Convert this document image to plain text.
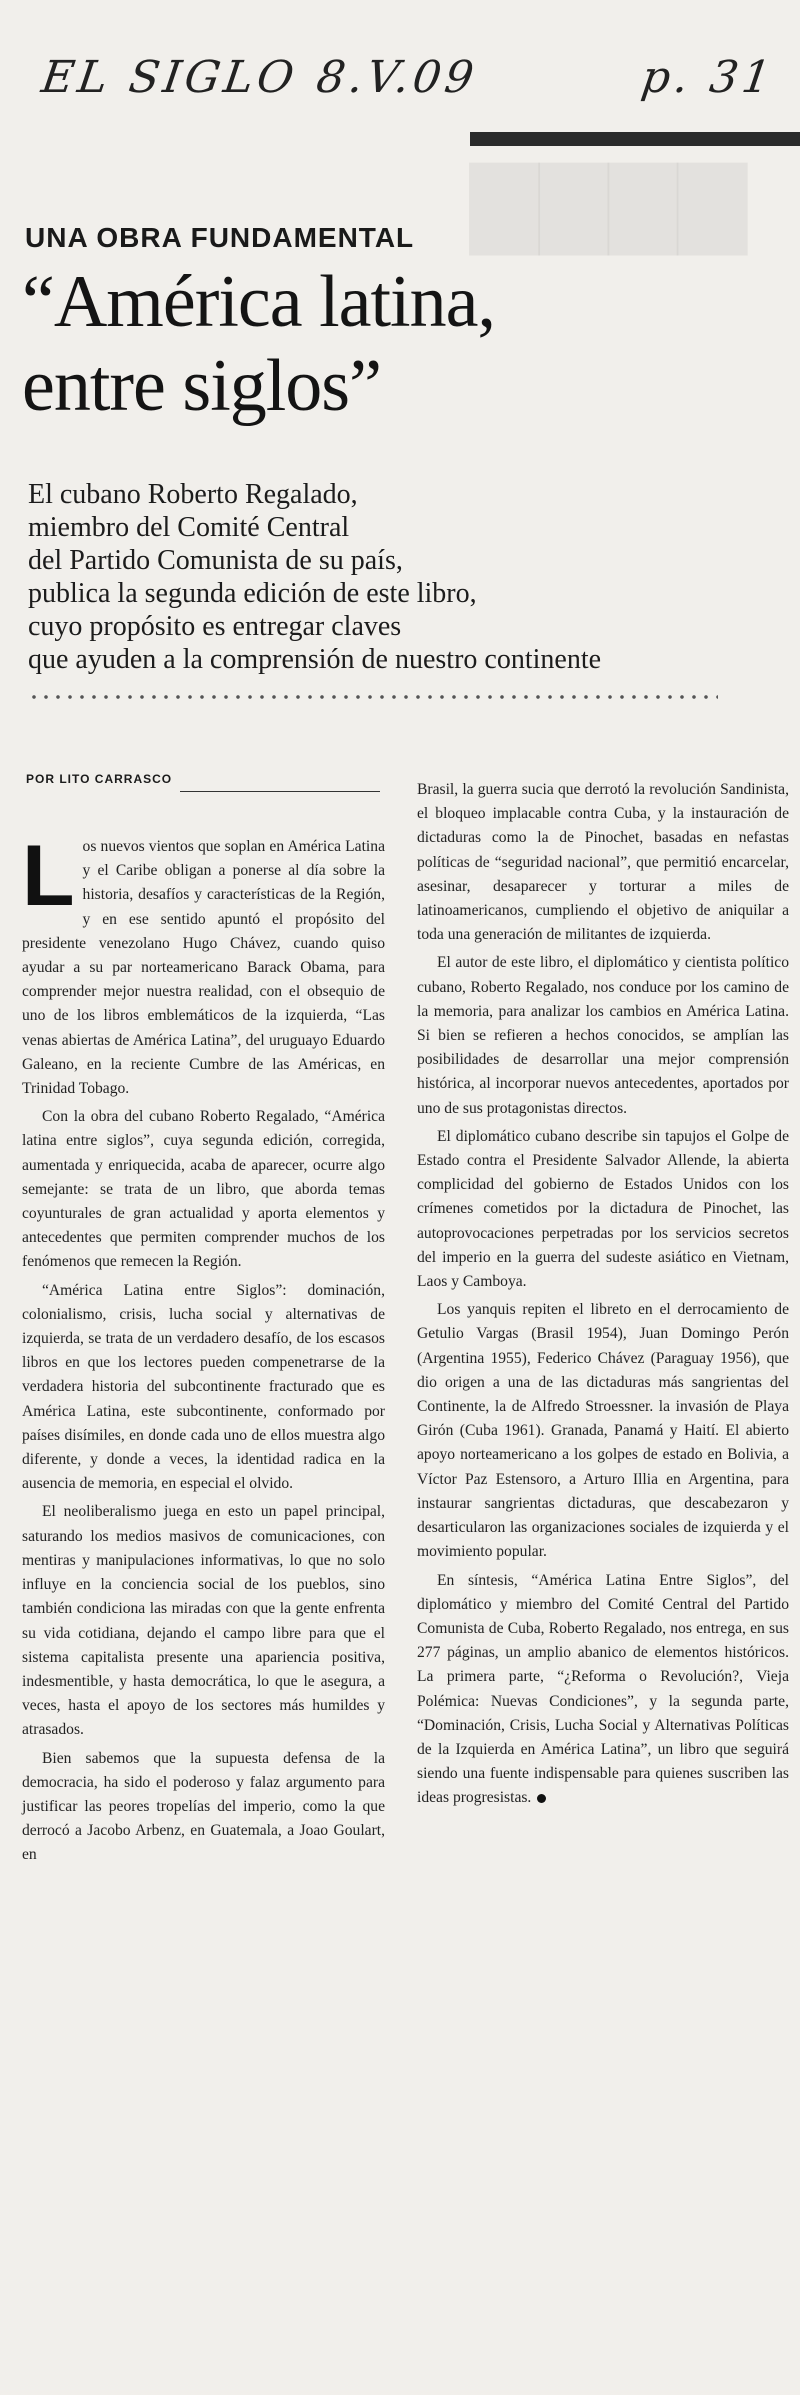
▇▇▇▇
EL SIGLO 8.V.09	p. 31
UNA OBRA FUNDAMENTAL
“América latina,
entre siglos”
El cubano Roberto Regalado,
miembro del Comité Central
del Partido Comunista de su país,
publica la segunda edición de este libro,
cuyo propósito es entregar claves
que ayuden a la comprensión de nuestro continente
POR LITO CARRASCO

Los nuevos vientos que soplan en América Latina y el Caribe obligan a ponerse al día sobre la historia, desafíos y características de la Región, y en ese sentido apuntó el propósito del presidente venezolano Hugo Chávez, cuando quiso ayudar a su par norteamericano Barack Obama, para comprender mejor nuestra realidad, con el obsequio de uno de los libros emblemáticos de la izquierda, “Las venas abiertas de América Latina”, del uruguayo Eduardo Galeano, en la reciente Cumbre de las Américas, en Trinidad Tobago.

Con la obra del cubano Roberto Regalado, “América latina entre siglos”, cuya segunda edición, corregida, aumentada y enriquecida, acaba de aparecer, ocurre algo semejante: se trata de un libro, que aborda temas coyunturales de gran actualidad y aporta elementos y antecedentes que permiten comprender muchos de los fenómenos que remecen la Región.

“América Latina entre Siglos”: dominación, colonialismo, crisis, lucha social y alternativas de izquierda, se trata de un verdadero desafío, de los escasos libros en que los lectores pueden compenetrarse de la verdadera historia del subcontinente fracturado que es América Latina, este subcontinente, conformado por países disímiles, en donde cada uno de ellos muestra algo diferente, y donde a veces, la identidad radica en la ausencia de memoria, en especial el olvido.

El neoliberalismo juega en esto un papel principal, saturando los medios masivos de comunicaciones, con mentiras y manipulaciones informativas, lo que no solo influye en la conciencia social de los pueblos, sino también condiciona las miradas con que la gente enfrenta su vida cotidiana, dejando el campo libre para que el sistema capitalista presente una apariencia positiva, indesmentible, y hasta democrática, lo que le asegura, a veces, hasta el apoyo de los sectores más humildes y atrasados.

Bien sabemos que la supuesta defensa de la democracia, ha sido el poderoso y falaz argumento para justificar las peores tropelías del imperio, como la que derrocó a Jacobo Arbenz, en Guatemala, a Joao Goulart, en

Brasil, la guerra sucia que derrotó la revolución Sandinista, el bloqueo implacable contra Cuba, y la instauración de dictaduras como la de Pinochet, basadas en nefastas políticas de “seguridad nacional”, que permitió encarcelar, asesinar, desaparecer y torturar a miles de latinoamericanos, cumpliendo el objetivo de aniquilar a toda una generación de militantes de izquierda.

El autor de este libro, el diplomático y cientista político cubano, Roberto Regalado, nos conduce por los camino de la memoria, para analizar los cambios en América Latina. Si bien se refieren a hechos conocidos, se amplían las posibilidades de desarrollar una mejor comprensión histórica, al incorporar nuevos antecedentes, aportados por uno de sus protagonistas directos.

El diplomático cubano describe sin tapujos el Golpe de Estado contra el Presidente Salvador Allende, la abierta complicidad del gobierno de Estados Unidos con los crímenes cometidos por la dictadura de Pinochet, las autoprovocaciones perpetradas por los servicios secretos del imperio en la guerra del sudeste asiático en Vietnam, Laos y Camboya.

Los yanquis repiten el libreto en el derrocamiento de Getulio Vargas (Brasil 1954), Juan Domingo Perón (Argentina 1955), Federico Chávez (Paraguay 1956), que dio origen a una de las dictaduras más sangrientas del Continente, la de Alfredo Stroessner. la invasión de Playa Girón (Cuba 1961). Granada, Panamá y Haití. El abierto apoyo norteamericano a los golpes de estado en Bolivia, a Víctor Paz Estensoro, a Arturo Illia en Argentina, para instaurar sangrientas dictaduras, que descabezaron y desarticularon las organizaciones sociales de izquierda y el movimiento popular.

En síntesis, “América Latina Entre Siglos”, del diplomático y miembro del Comité Central del Partido Comunista de Cuba, Roberto Regalado, nos entrega, en sus 277 páginas, un amplio abanico de elementos históricos. La primera parte, “¿Reforma o Revolución?, Vieja Polémica: Nuevas Condiciones”, y la segunda parte, “Dominación, Crisis, Lucha Social y Alternativas Políticas de la Izquierda en América Latina”, un libro que seguirá siendo una fuente indispensable para quienes suscriben las ideas progresistas.
